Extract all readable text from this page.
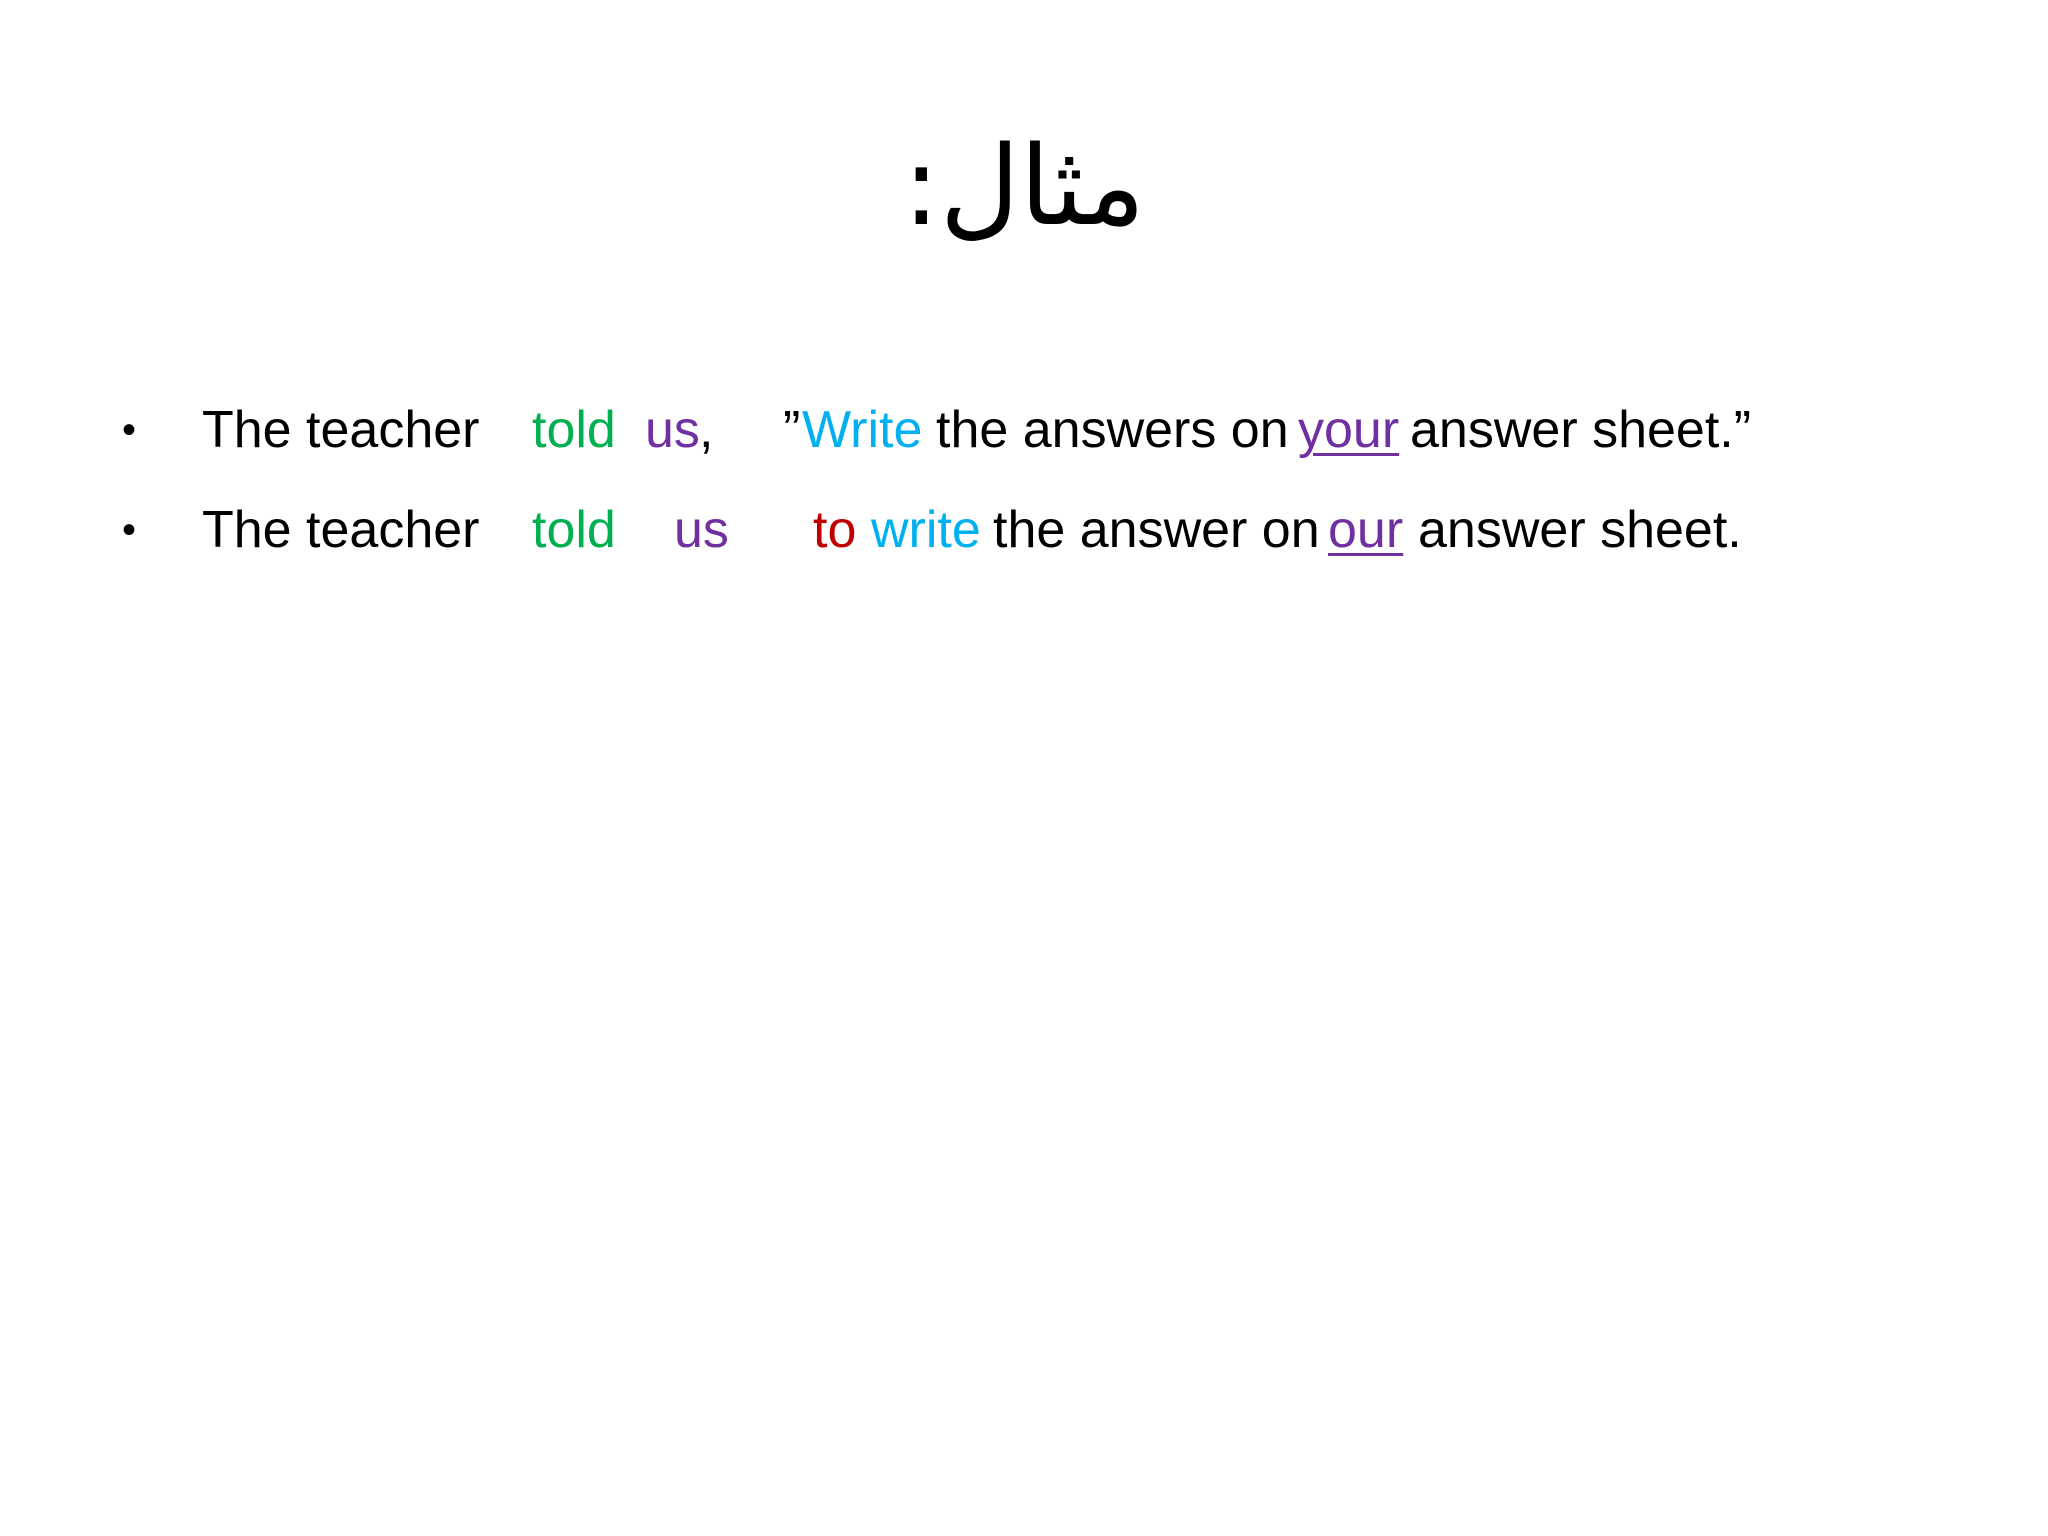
مثال:
• The teacher told us , ” Write the answers on your answer sheet.”
• The teacher told us to write the answer on our answer sheet.
